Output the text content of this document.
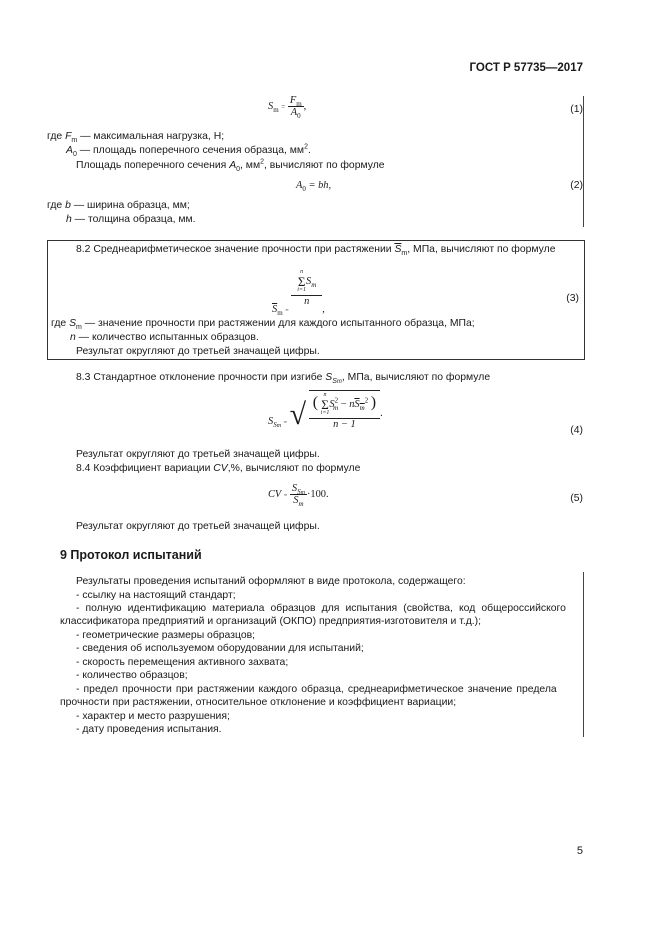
ГОСТ Р 57735—2017
$S_m = \frac{F_m}{A_0}$ ,	(1)
где $F_m$ — максимальная нагрузка, Н;
$A_0$ — площадь поперечного сечения образца, $мм^2$.
Площадь поперечного сечения $A_0$, $мм^2$, вычисляют по формуле
$A_0$ = bh,	(2)
где b — ширина образца, мм;
h — толщина образца, мм.
8.2 Среднеарифметическое значение прочности при растяжении $\overline{S}_m$, МПа, вычисляют по формуле
$\overline{S}_m$ $_=$
n
Σ
i=1
$S_m$
n
,
(3)
где $S_m$ — значение прочности при растяжении для каждого испытанного образца, МПа;
n — количество испытанных образцов.
Результат округляют до третьей значащей цифры.
8.3 Стандартное отклонение прочности при изгибе $S_{Sm}$, МПа, вычисляют по формуле
$S_{Sm}$ $_=$ √ ( n
Σ
i=1
$S^2_m - n\overline{S}_{\overline{m}}^2$ )
n − 1
.
(4)
Результат округляют до третьей значащей цифры.
8.4 Коэффициент вариации CV,%, вычисляют по формуле
CV = $\frac{S_{Sm}}{\overline{S}_m} \cdot 100$.	(5)
Результат округляют до третьей значащей цифры.
9 Протокол испытаний
Результаты проведения испытаний оформляют в виде протокола, содержащего:
- ссылку на настоящий стандарт;
- полную идентификацию материала образцов для испытания (свойства, код общероссийского
классификатора предприятий и организаций (ОКПО) предприятия-изготовителя и т.д.);
- геометрические размеры образцов;
- сведения об используемом оборудовании для испытаний;
- скорость перемещения активного захвата;
- количество образцов;
- предел прочности при растяжении каждого образца, среднеарифметическое значение предела
прочности при растяжении, относительное отклонение и коэффициент вариации;
- характер и место разрушения;
- дату проведения испытания.
5
